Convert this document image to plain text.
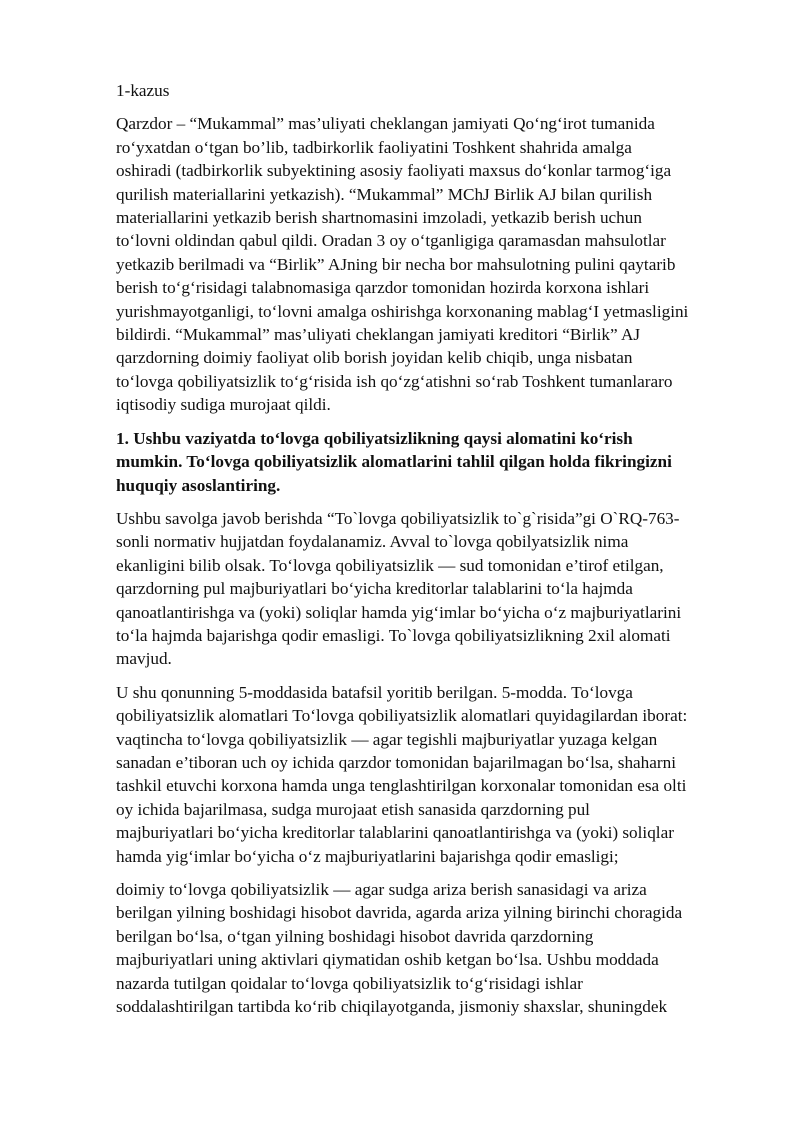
1-kazus

Qarzdor – “Mukammal” mas’uliyati cheklangan jamiyati Qoʻngʻirot tumanida
roʻyxatdan oʻtgan bo’lib, tadbirkorlik faoliyatini Toshkent shahrida amalga
oshiradi (tadbirkorlik subyektining asosiy faoliyati maxsus doʻkonlar tarmogʻiga
qurilish materiallarini yetkazish). “Mukammal” MChJ Birlik AJ bilan qurilish
materiallarini yetkazib berish shartnomasini imzoladi, yetkazib berish uchun
toʻlovni oldindan qabul qildi. Oradan 3 oy oʻtganligiga qaramasdan mahsulotlar
yetkazib berilmadi va “Birlik” AJning bir necha bor mahsulotning pulini qaytarib
berish toʻgʻrisidagi talabnomasiga qarzdor tomonidan hozirda korxona ishlari
yurishmayotganligi, toʻlovni amalga oshirishga korxonaning mablagʻI yetmasligini
bildirdi. “Mukammal” mas’uliyati cheklangan jamiyati kreditori “Birlik” AJ
qarzdorning doimiy faoliyat olib borish joyidan kelib chiqib, unga nisbatan
toʻlovga qobiliyatsizlik toʻgʻrisida ish qoʻzgʻatishni soʻrab Toshkent tumanlararo
iqtisodiy sudiga murojaat qildi.

1. Ushbu vaziyatda toʻlovga qobiliyatsizlikning qaysi alomatini koʻrish
mumkin. Toʻlovga qobiliyatsizlik alomatlarini tahlil qilgan holda fikringizni
huquqiy asoslantiring.

Ushbu savolga javob berishda “To`lovga qobiliyatsizlik to`g`risida”gi O`RQ-763-
sonli normativ hujjatdan foydalanamiz. Avval to`lovga qobilyatsizlik nima
ekanligini bilib olsak. Toʻlovga qobiliyatsizlik — sud tomonidan e’tirof etilgan,
qarzdorning pul majburiyatlari boʻyicha kreditorlar talablarini toʻla hajmda
qanoatlantirishga va (yoki) soliqlar hamda yigʻimlar boʻyicha oʻz majburiyatlarini
toʻla hajmda bajarishga qodir emasligi. To`lovga qobiliyatsizlikning 2xil alomati
mavjud.

U shu qonunning 5-moddasida batafsil yoritib berilgan. 5-modda. Toʻlovga
qobiliyatsizlik alomatlari Toʻlovga qobiliyatsizlik alomatlari quyidagilardan iborat:
vaqtincha toʻlovga qobiliyatsizlik — agar tegishli majburiyatlar yuzaga kelgan
sanadan e’tiboran uch oy ichida qarzdor tomonidan bajarilmagan boʻlsa, shaharni
tashkil etuvchi korxona hamda unga tenglashtirilgan korxonalar tomonidan esa olti
oy ichida bajarilmasa, sudga murojaat etish sanasida qarzdorning pul
majburiyatlari boʻyicha kreditorlar talablarini qanoatlantirishga va (yoki) soliqlar
hamda yigʻimlar boʻyicha oʻz majburiyatlarini bajarishga qodir emasligi;

doimiy toʻlovga qobiliyatsizlik — agar sudga ariza berish sanasidagi va ariza
berilgan yilning boshidagi hisobot davrida, agarda ariza yilning birinchi choragida
berilgan boʻlsa, oʻtgan yilning boshidagi hisobot davrida qarzdorning
majburiyatlari uning aktivlari qiymatidan oshib ketgan boʻlsa. Ushbu moddada
nazarda tutilgan qoidalar toʻlovga qobiliyatsizlik toʻgʻrisidagi ishlar
soddalashtirilgan tartibda koʻrib chiqilayotganda, jismoniy shaxslar, shuningdek
